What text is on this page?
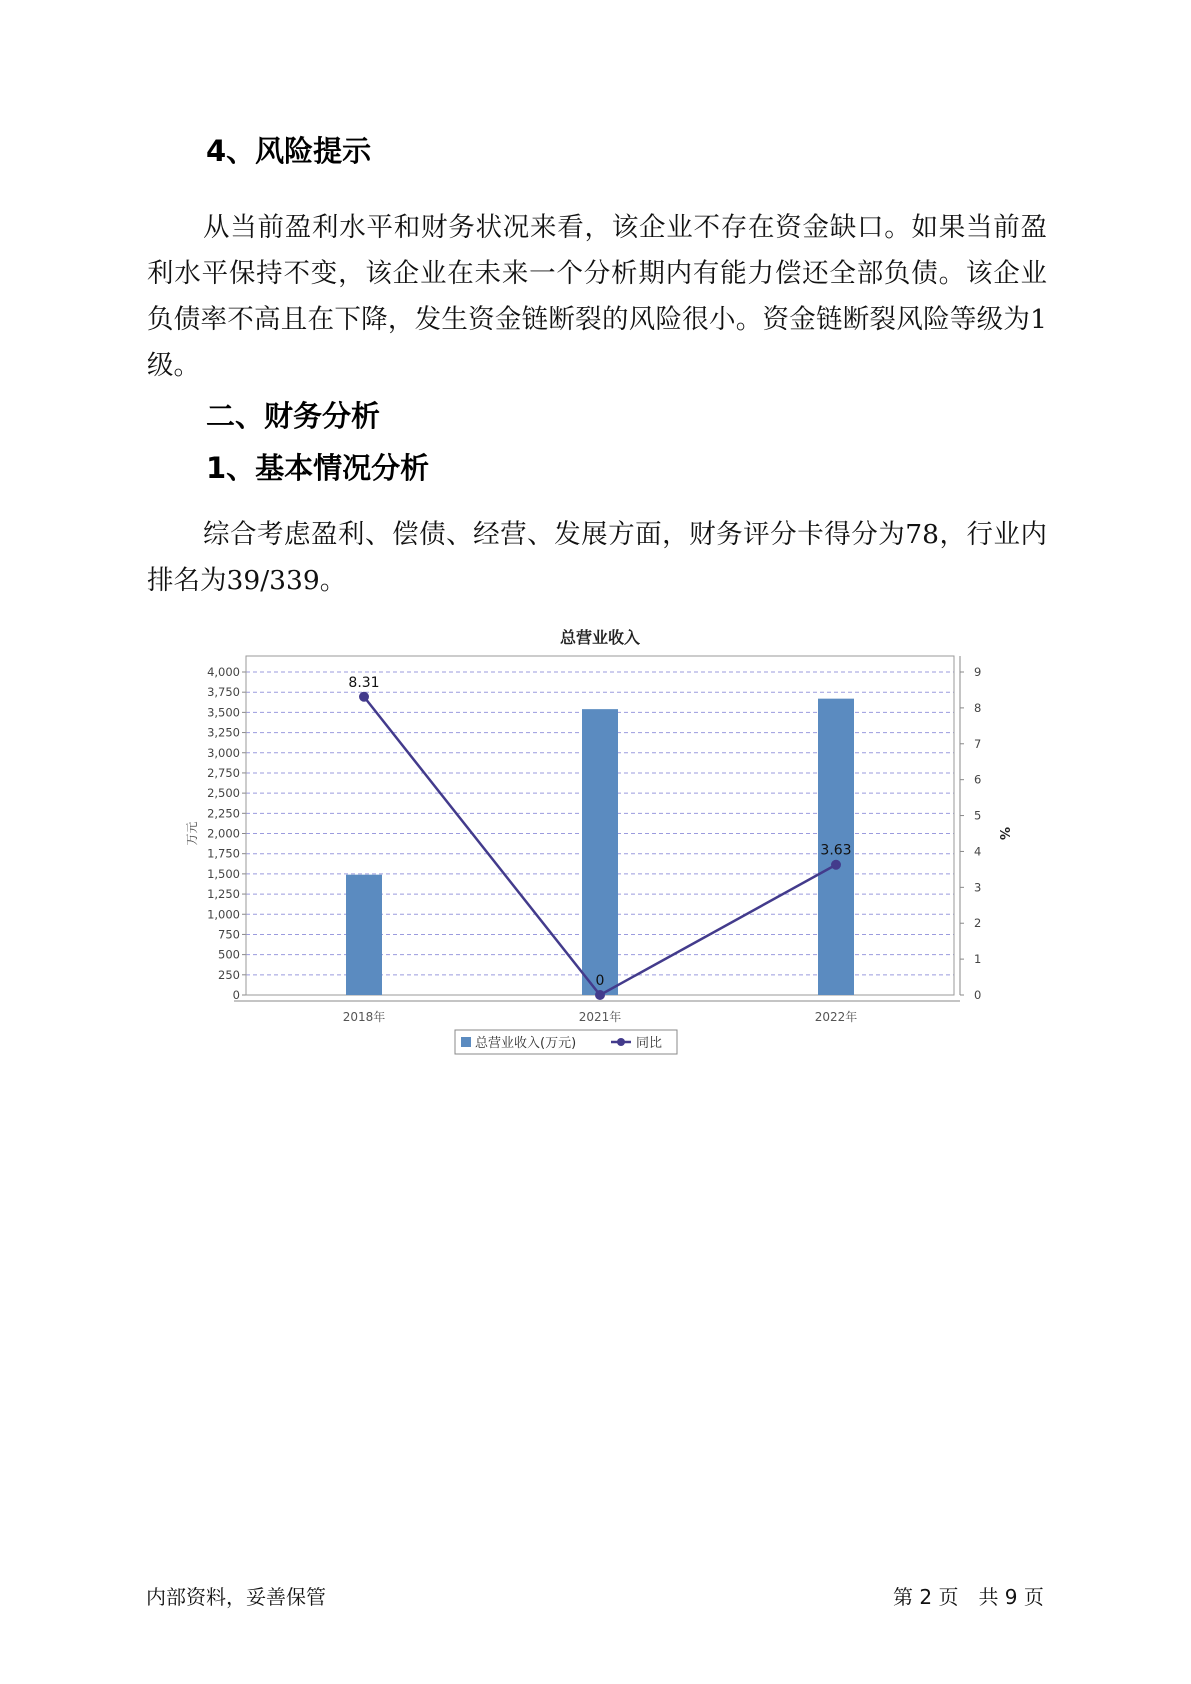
4、风险提示

从当前盈利水平和财务状况来看，该企业不存在资金缺口。如果当前盈利水平保持不变，该企业在未来一个分析期内有能力偿还全部负债。该企业负债率不高且在下降，发生资金链断裂的风险很小。资金链断裂风险等级为1级。

二、财务分析
1、基本情况分析

综合考虑盈利、偿债、经营、发展方面，财务评分卡得分为78，行业内排名为39/339。

总营业收入
0
250
500
750
1,000
1,250
1,500
1,750
2,000
2,250
2,500
2,750
3,000
3,250
3,500
3,750
4,000
0
1
2
3
4
5
6
7
8
9
万元	%
2018年	2021年	2022年
8.31
0
3.63
总营业收入(万元)	同比
内部资料，妥善保管	第 2 页　共 9 页
